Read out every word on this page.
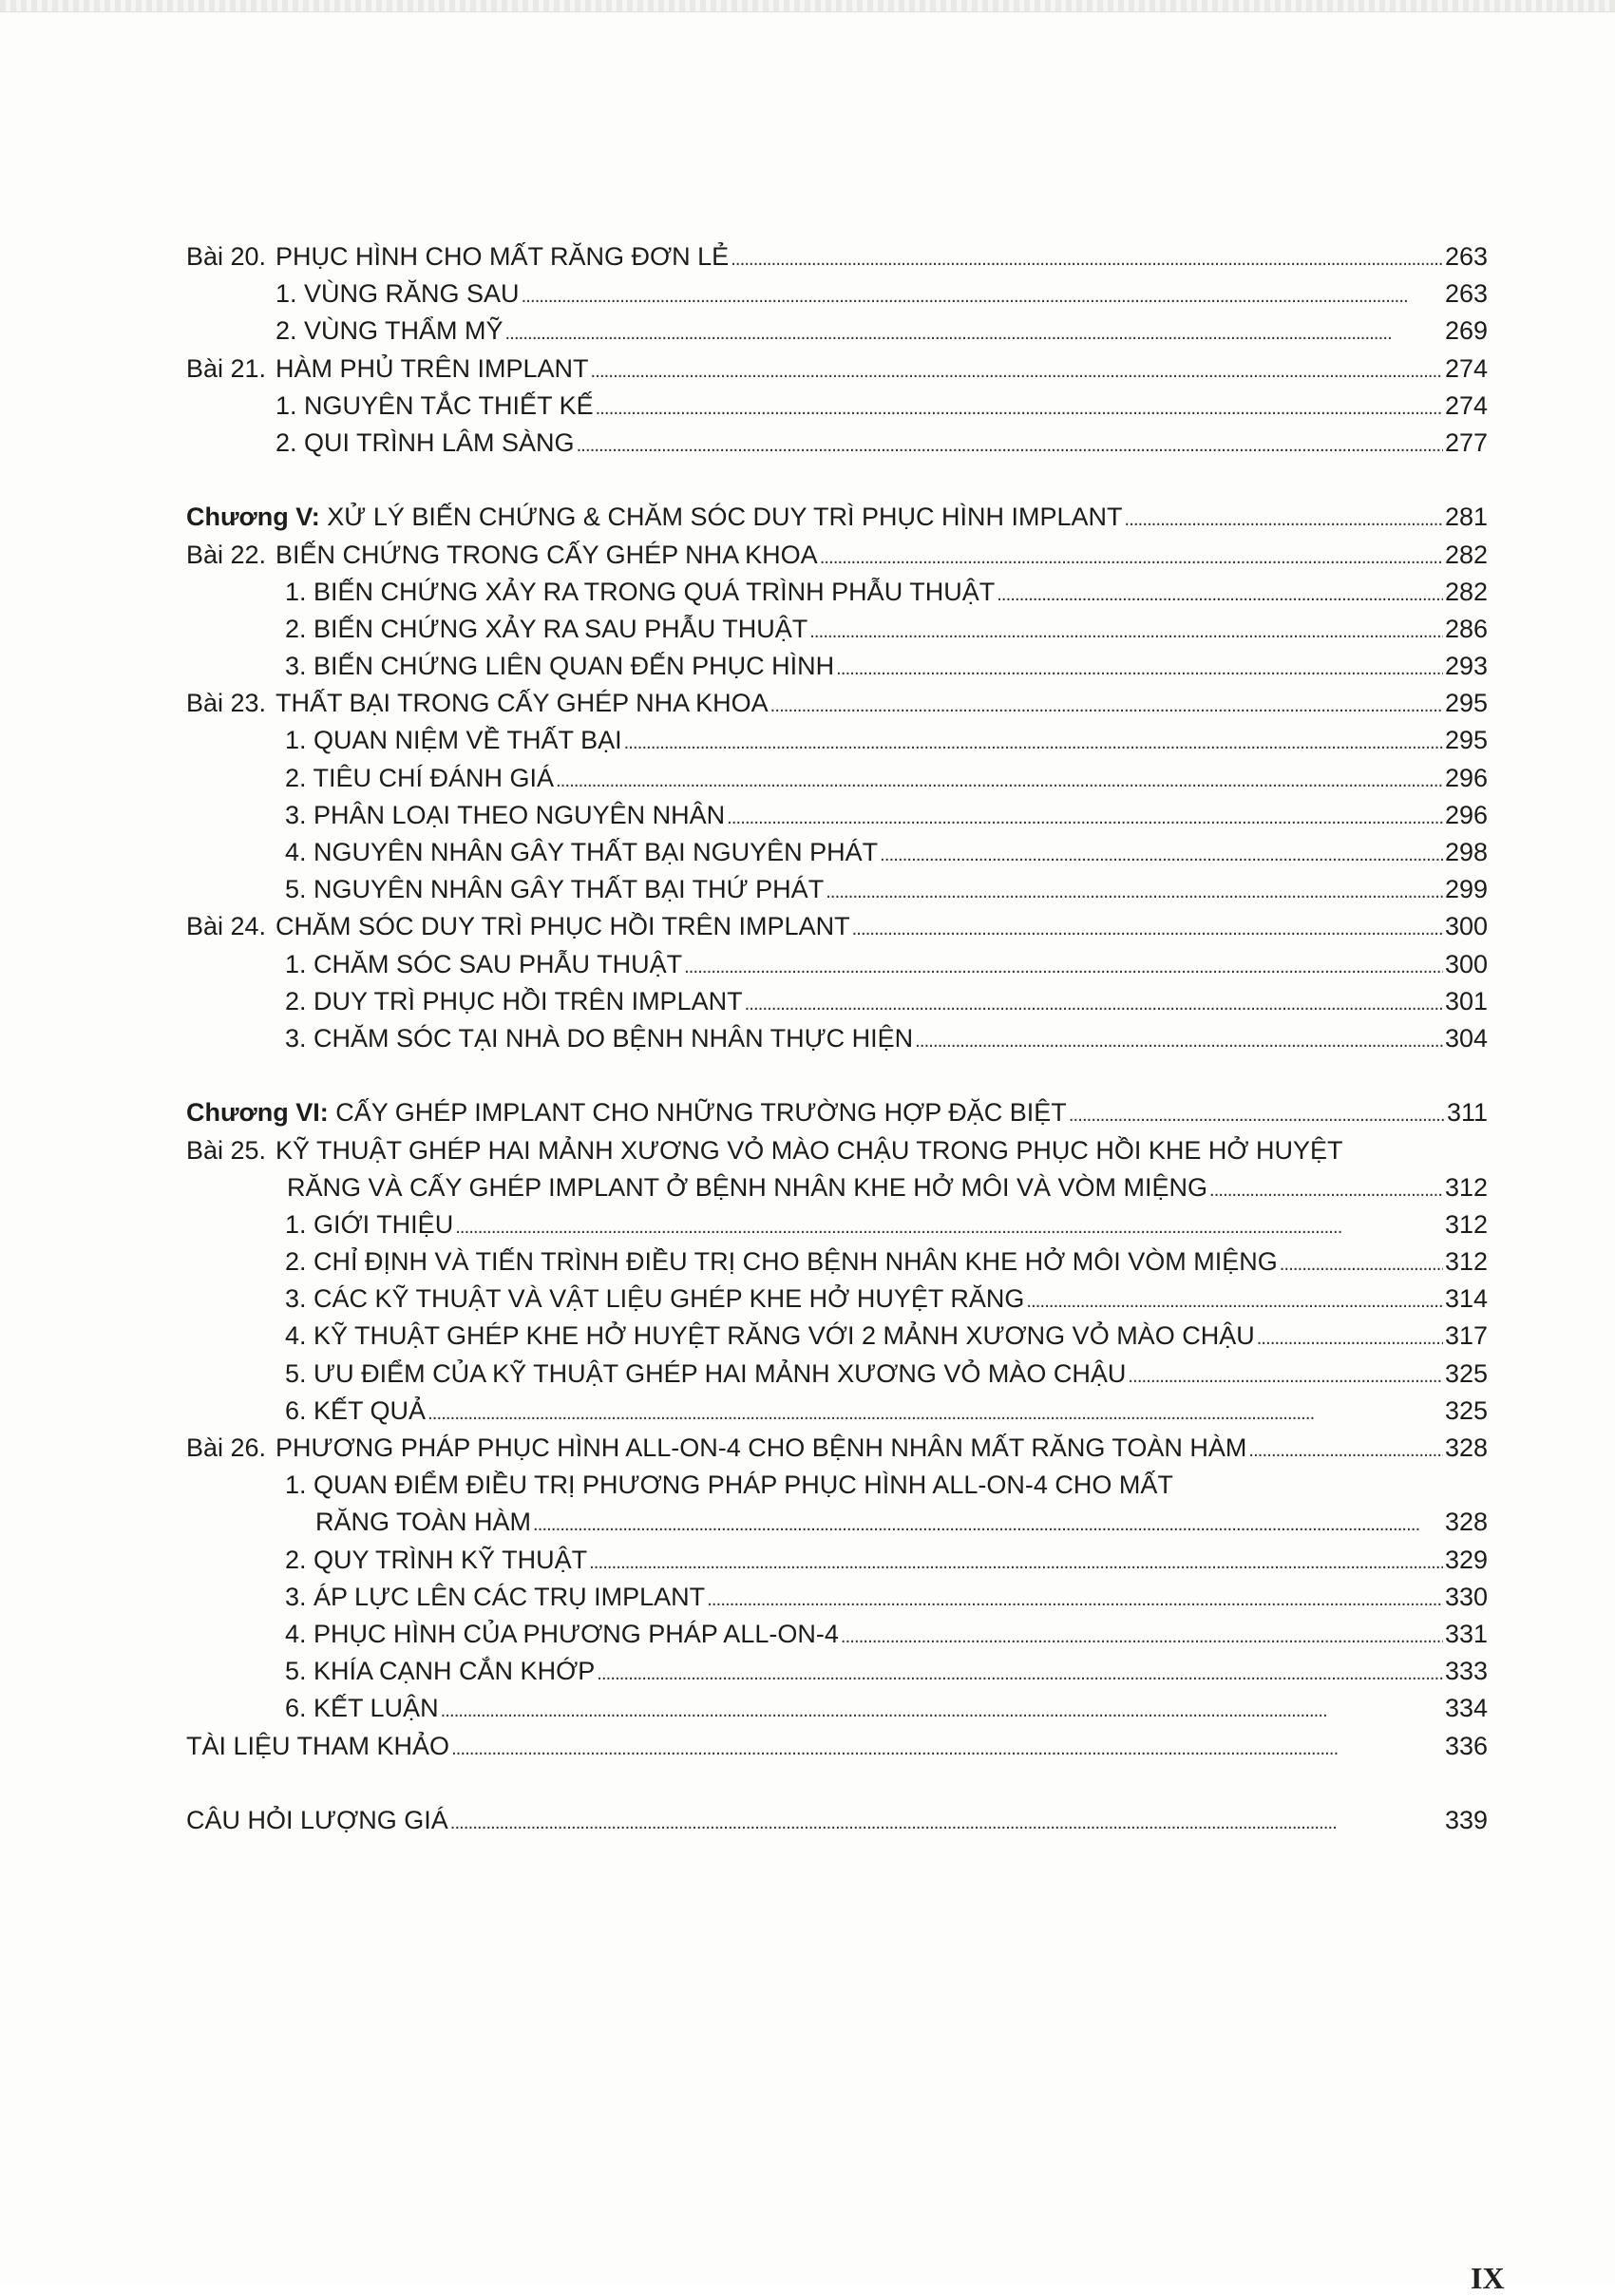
Bài 20. PHỤC HÌNH CHO MẤT RĂNG ĐƠN LẺ . . .	263
1. VÙNG RĂNG SAU . . .	263
2. VÙNG THẨM MỸ . . .	269
Bài 21. HÀM PHỦ TRÊN IMPLANT . . .	274
1. NGUYÊN TẮC THIẾT KẾ . . .	274
2. QUI TRÌNH LÂM SÀNG . . .	277
Chương V:
XỬ LÝ BIẾN CHỨNG & CHĂM SÓC DUY TRÌ PHỤC HÌNH IMPLANT . . .	281
Bài 22. BIẾN CHỨNG TRONG CẤY GHÉP NHA KHOA . . .	282
1. BIẾN CHỨNG XẢY RA TRONG QUÁ TRÌNH PHẪU THUẬT . . .	282
2. BIẾN CHỨNG XẢY RA SAU PHẪU THUẬT . . .	286
3. BIẾN CHỨNG LIÊN QUAN ĐẾN PHỤC HÌNH . . .	293
Bài 23. THẤT BẠI TRONG CẤY GHÉP NHA KHOA . . .	295
1. QUAN NIỆM VỀ THẤT BẠI . . .	295
2. TIÊU CHÍ ĐÁNH GIÁ . . .	296
3. PHÂN LOẠI THEO NGUYÊN NHÂN . . .	296
4. NGUYÊN NHÂN GÂY THẤT BẠI NGUYÊN PHÁT . . .	298
5. NGUYÊN NHÂN GÂY THẤT BẠI THỨ PHÁT . . .	299
Bài 24. CHĂM SÓC DUY TRÌ PHỤC HỒI TRÊN IMPLANT . . .	300
1. CHĂM SÓC SAU PHẪU THUẬT . . .	300
2. DUY TRÌ PHỤC HỒI TRÊN IMPLANT . . .	301
3. CHĂM SÓC TẠI NHÀ DO BỆNH NHÂN THỰC HIỆN . . .	304
Chương VI:
CẤY GHÉP IMPLANT CHO NHỮNG TRƯỜNG HỢP ĐẶC BIỆT . . .	311
Bài 25. KỸ THUẬT GHÉP HAI MẢNH XƯƠNG VỎ MÀO CHẬU TRONG PHỤC HỒI KHE HỞ HUYỆT
RĂNG VÀ CẤY GHÉP IMPLANT Ở BỆNH NHÂN KHE HỞ MÔI VÀ VÒM MIỆNG . . .	312
1. GIỚI THIỆU . . .	312
2. CHỈ ĐỊNH VÀ TIẾN TRÌNH ĐIỀU TRỊ CHO BỆNH NHÂN KHE HỞ MÔI VÒM MIỆNG . . .	312
3. CÁC KỸ THUẬT VÀ VẬT LIỆU GHÉP KHE HỞ HUYỆT RĂNG . . .	314
4. KỸ THUẬT GHÉP KHE HỞ HUYỆT RĂNG VỚI 2 MẢNH XƯƠNG VỎ MÀO CHẬU . . .	317
5. ƯU ĐIỂM CỦA KỸ THUẬT GHÉP HAI MẢNH XƯƠNG VỎ MÀO CHẬU . . .	325
6. KẾT QUẢ . . .	325
Bài 26. PHƯƠNG PHÁP PHỤC HÌNH ALL-ON-4 CHO BỆNH NHÂN MẤT RĂNG TOÀN HÀM . . .	328
1. QUAN ĐIỂM ĐIỀU TRỊ PHƯƠNG PHÁP PHỤC HÌNH ALL-ON-4 CHO MẤT
RĂNG TOÀN HÀM . . .	328
2. QUY TRÌNH KỸ THUẬT . . .	329
3. ÁP LỰC LÊN CÁC TRỤ IMPLANT . . .	330
4. PHỤC HÌNH CỦA PHƯƠNG PHÁP ALL-ON-4 . . .	331
5. KHÍA CẠNH CẮN KHỚP . . .	333
6. KẾT LUẬN . . .	334
TÀI LIỆU THAM KHẢO . . .	336
CÂU HỎI LƯỢNG GIÁ . . .	339
IX
